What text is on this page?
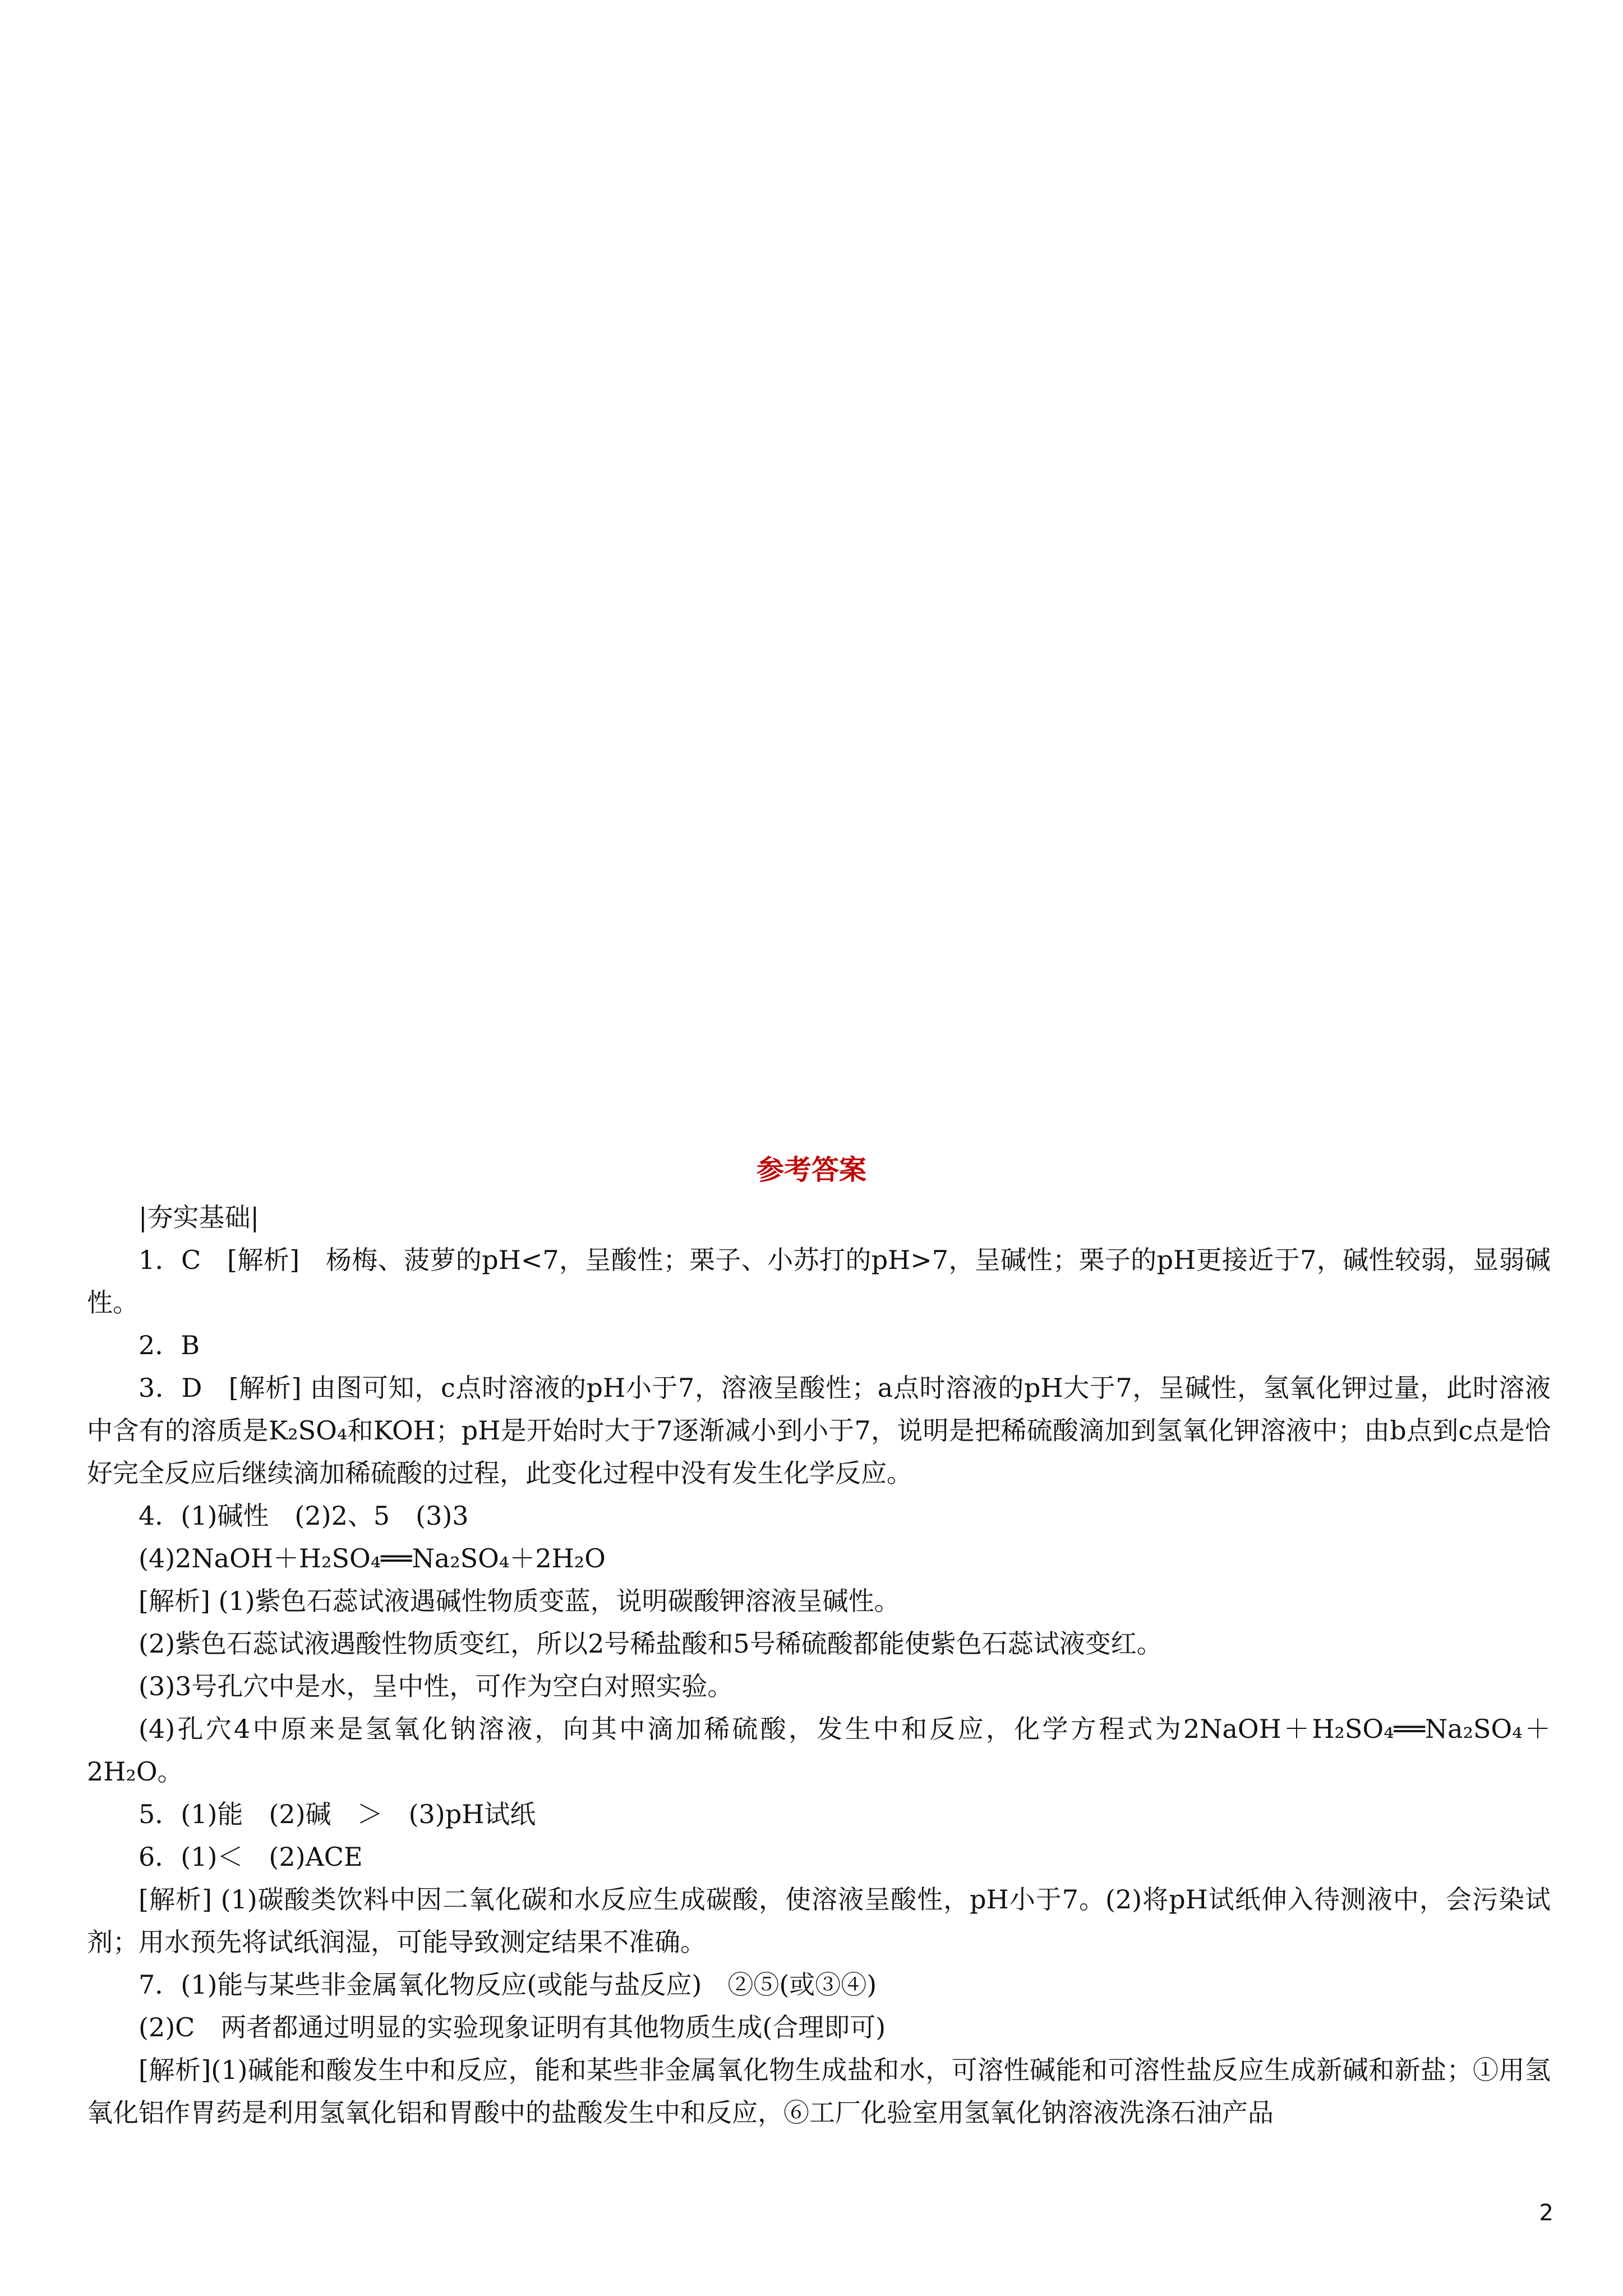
参考答案

|夯实基础|

1．C　[解析]　杨梅、菠萝的pH<7，呈酸性；栗子、小苏打的pH>7，呈碱性；栗子的pH更接近于7，碱性较弱，显弱碱性。

2．B

3．D　[解析] 由图可知，c点时溶液的pH小于7，溶液呈酸性；a点时溶液的pH大于7，呈碱性，氢氧化钾过量，此时溶液中含有的溶质是K₂SO₄和KOH；pH是开始时大于7逐渐减小到小于7，说明是把稀硫酸滴加到氢氧化钾溶液中；由b点到c点是恰好完全反应后继续滴加稀硫酸的过程，此变化过程中没有发生化学反应。

4．(1)碱性　(2)2、5　(3)3

(4)2NaOH＋H₂SO₄══Na₂SO₄＋2H₂O

[解析] (1)紫色石蕊试液遇碱性物质变蓝，说明碳酸钾溶液呈碱性。

(2)紫色石蕊试液遇酸性物质变红，所以2号稀盐酸和5号稀硫酸都能使紫色石蕊试液变红。

(3)3号孔穴中是水，呈中性，可作为空白对照实验。

(4)孔穴4中原来是氢氧化钠溶液，向其中滴加稀硫酸，发生中和反应，化学方程式为2NaOH＋H₂SO₄══Na₂SO₄＋2H₂O。

5．(1)能　(2)碱　＞　(3)pH试纸

6．(1)＜　(2)ACE

[解析] (1)碳酸类饮料中因二氧化碳和水反应生成碳酸，使溶液呈酸性，pH小于7。(2)将pH试纸伸入待测液中，会污染试剂；用水预先将试纸润湿，可能导致测定结果不准确。

7．(1)能与某些非金属氧化物反应(或能与盐反应)　②⑤(或③④)

(2)C　两者都通过明显的实验现象证明有其他物质生成(合理即可)

[解析](1)碱能和酸发生中和反应，能和某些非金属氧化物生成盐和水，可溶性碱能和可溶性盐反应生成新碱和新盐；①用氢氧化铝作胃药是利用氢氧化铝和胃酸中的盐酸发生中和反应，⑥工厂化验室用氢氧化钠溶液洗涤石油产品

2
